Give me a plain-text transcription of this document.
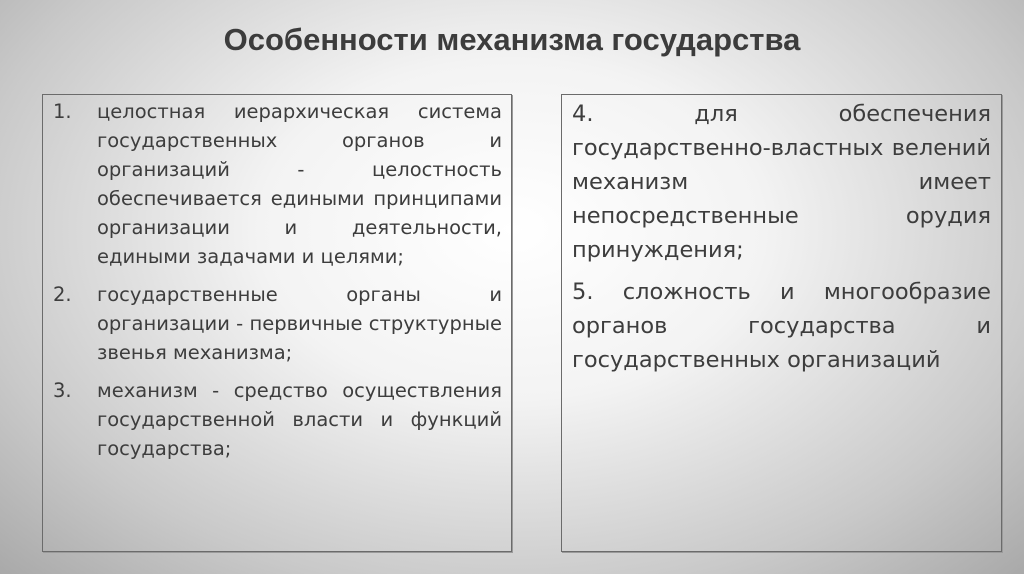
Особенности механизма государства
1.	целостная иерархическая система государственных органов и организаций - целостность обеспечивается едиными принципами организации и деятельности, едиными задачами и целями;
2.	государственные органы и организации - первичные структурные звенья механизма;
3.	механизм - средство осуществления государственной власти и функций государства;

4. для обеспечения государственно-властных велений механизм имеет непосредственные орудия принуждения;

5. сложность и многообразие органов государства и государственных организаций
